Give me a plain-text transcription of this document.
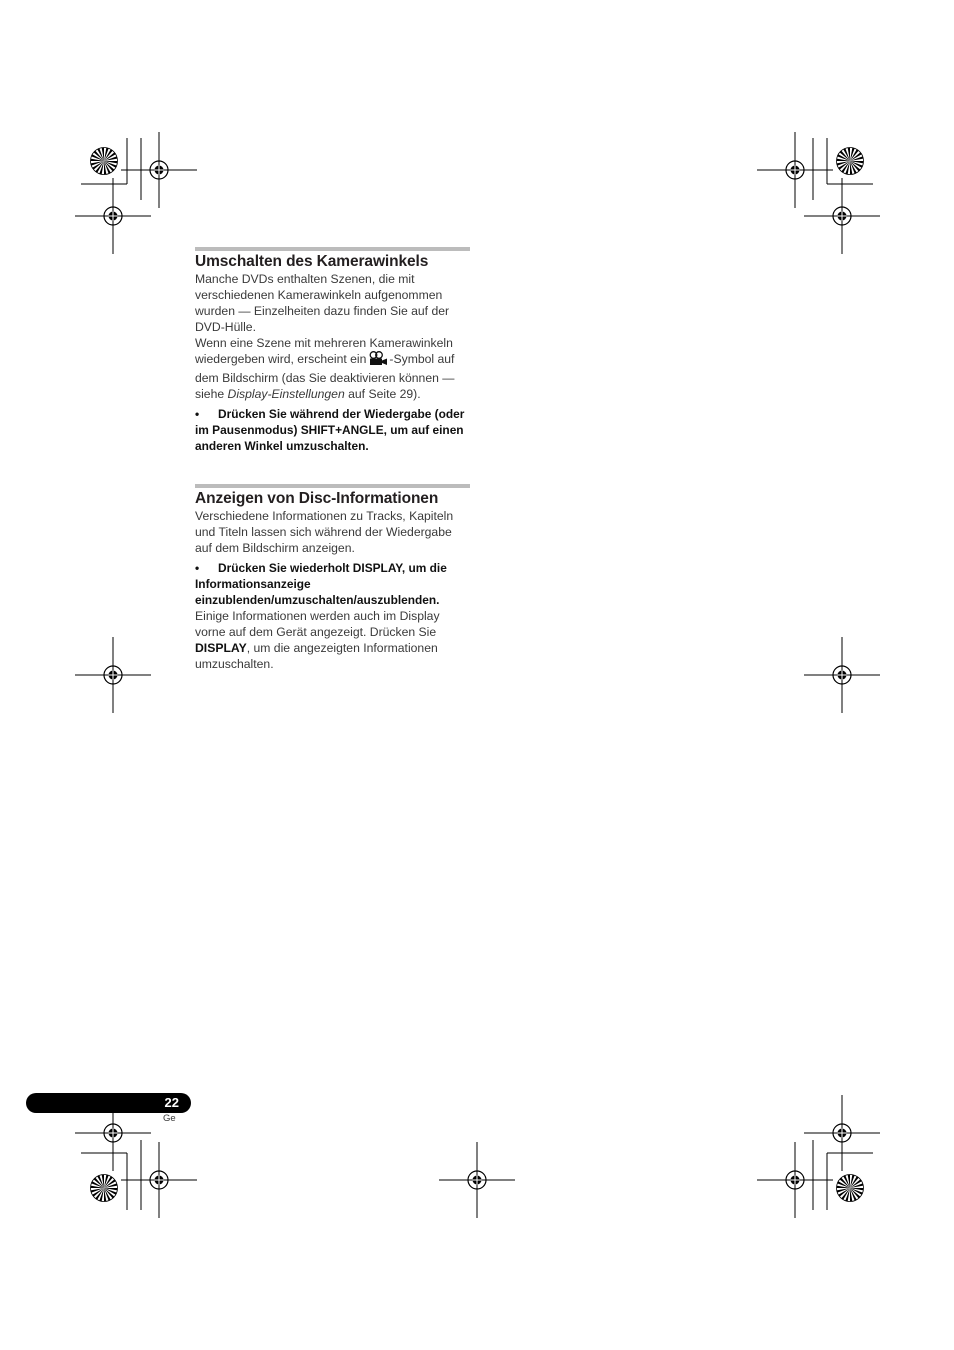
Umschalten des Kamerawinkels

Manche DVDs enthalten Szenen, die mit verschiedenen Kamerawinkeln aufgenommen wurden — Einzelheiten dazu finden Sie auf der DVD-Hülle.

Wenn eine Szene mit mehreren Kamerawinkeln wiedergeben wird, erscheint ein -Symbol auf dem Bildschirm (das Sie deaktivieren können — siehe Display-Einstellungen auf Seite 29).

• Drücken Sie während der Wiedergabe (oder im Pausenmodus) SHIFT+ANGLE, um auf einen anderen Winkel umzuschalten.

Anzeigen von Disc-Informationen

Verschiedene Informationen zu Tracks, Kapiteln und Titeln lassen sich während der Wiedergabe auf dem Bildschirm anzeigen.

• Drücken Sie wiederholt DISPLAY, um die Informationsanzeige einzublenden/umzuschalten/auszublenden.

Einige Informationen werden auch im Display vorne auf dem Gerät angezeigt. Drücken Sie DISPLAY, um die angezeigten Informationen umzuschalten.

22
Ge
